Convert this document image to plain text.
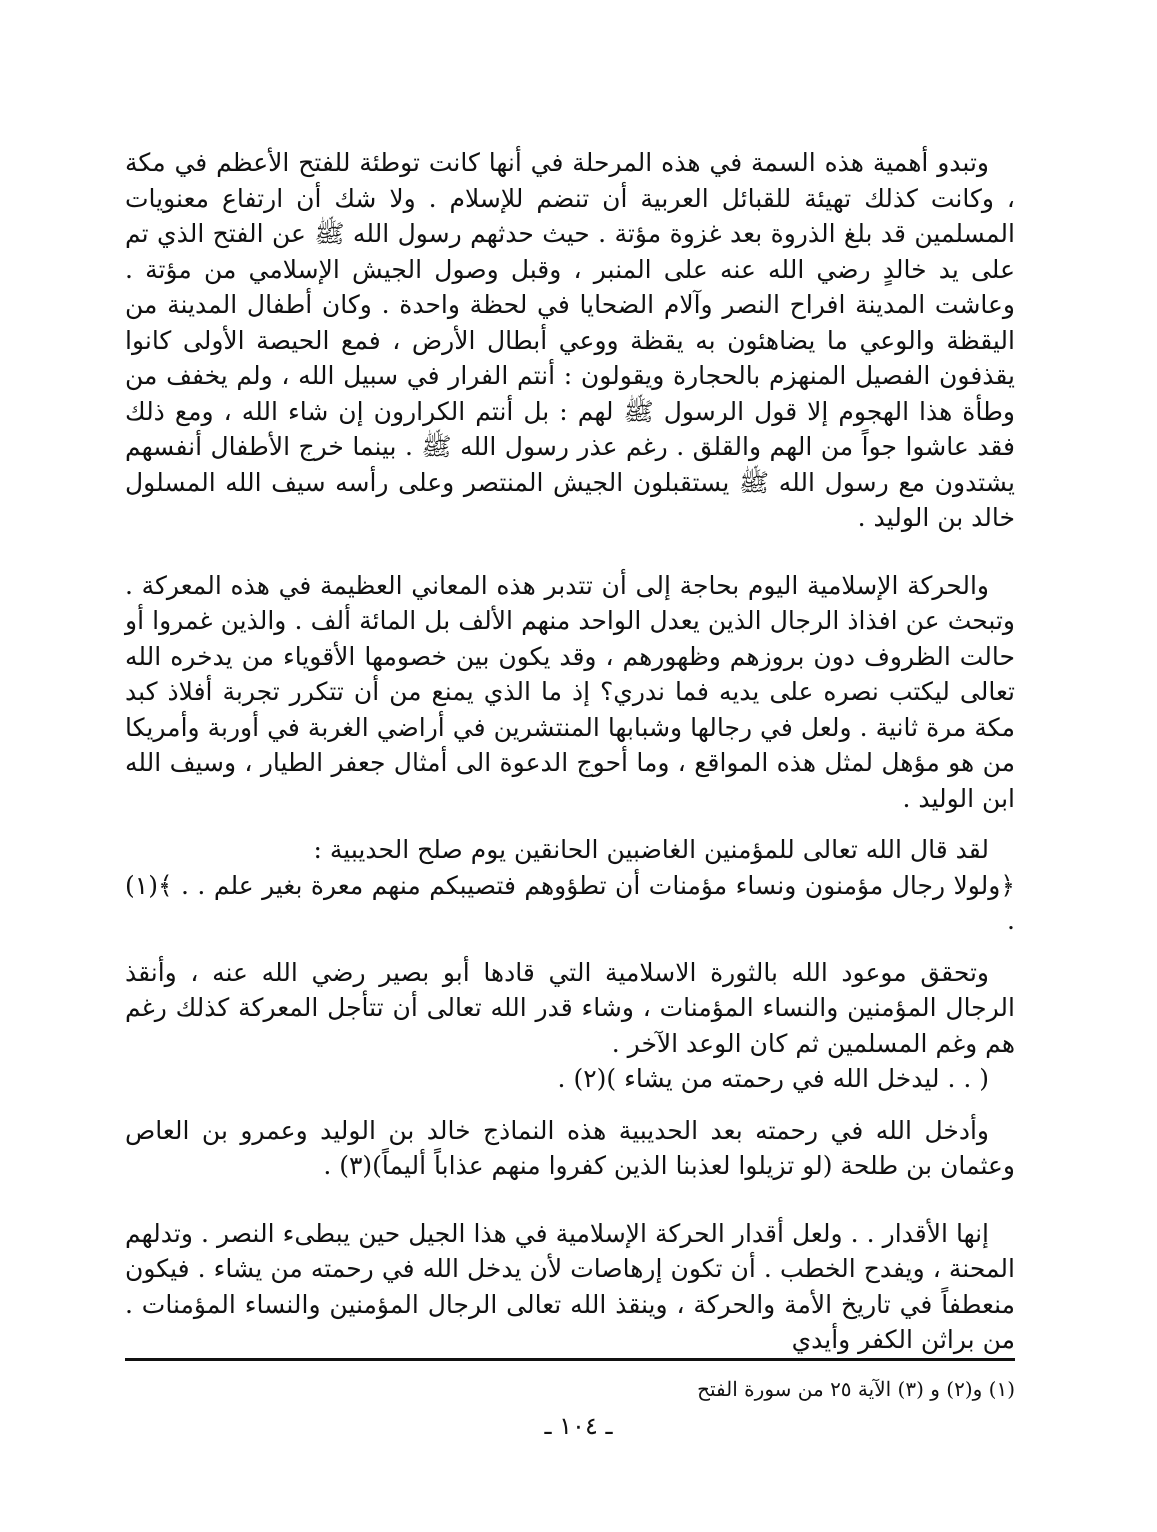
وتبدو أهمية هذه السمة في هذه المرحلة في أنها كانت توطئة للفتح الأعظم في مكة ، وكانت كذلك تهيئة للقبائل العربية أن تنضم للإسلام . ولا شك أن ارتفاع معنويات المسلمين قد بلغ الذروة بعد غزوة مؤتة . حيث حدثهم رسول الله ﷺ عن الفتح الذي تم على يد خالدٍ رضي الله عنه على المنبر ، وقبل وصول الجيش الإسلامي من مؤتة . وعاشت المدينة افراح النصر وآلام الضحايا في لحظة واحدة . وكان أطفال المدينة من اليقظة والوعي ما يضاهئون به يقظة ووعي أبطال الأرض ، فمع الحيصة الأولى كانوا يقذفون الفصيل المنهزم بالحجارة ويقولون : أنتم الفرار في سبيل الله ، ولم يخفف من وطأة هذا الهجوم إلا قول الرسول ﷺ لهم : بل أنتم الكرارون إن شاء الله ، ومع ذلك فقد عاشوا جواً من الهم والقلق . رغم عذر رسول الله ﷺ . بينما خرج الأطفال أنفسهم يشتدون مع رسول الله ﷺ يستقبلون الجيش المنتصر وعلى رأسه سيف الله المسلول خالد بن الوليد .

والحركة الإسلامية اليوم بحاجة إلى أن تتدبر هذه المعاني العظيمة في هذه المعركة . وتبحث عن افذاذ الرجال الذين يعدل الواحد منهم الألف بل المائة ألف . والذين غمروا أو حالت الظروف دون بروزهم وظهورهم ، وقد يكون بين خصومها الأقوياء من يدخره الله تعالى ليكتب نصره على يديه فما ندري؟ إذ ما الذي يمنع من أن تتكرر تجربة أفلاذ كبد مكة مرة ثانية . ولعل في رجالها وشبابها المنتشرين في أراضي الغربة في أوربة وأمريكا من هو مؤهل لمثل هذه المواقع ، وما أحوج الدعوة الى أمثال جعفر الطيار ، وسيف الله ابن الوليد .

لقد قال الله تعالى للمؤمنين الغاضبين الحانقين يوم صلح الحديبية :

﴿ولولا رجال مؤمنون ونساء مؤمنات أن تطؤوهم فتصيبكم منهم معرة بغير علم . . ﴾(١) .

وتحقق موعود الله بالثورة الاسلامية التي قادها أبو بصير رضي الله عنه ، وأنقذ الرجال المؤمنين والنساء المؤمنات ، وشاء قدر الله تعالى أن تتأجل المعركة كذلك رغم هم وغم المسلمين ثم كان الوعد الآخر .

( . . ليدخل الله في رحمته من يشاء )(٢) .

وأدخل الله في رحمته بعد الحديبية هذه النماذج خالد بن الوليد وعمرو بن العاص وعثمان بن طلحة (لو تزيلوا لعذبنا الذين كفروا منهم عذاباً أليماً)(٣) .

إنها الأقدار . . ولعل أقدار الحركة الإسلامية في هذا الجيل حين يبطىء النصر . وتدلهم المحنة ، ويفدح الخطب . أن تكون إرهاصات لأن يدخل الله في رحمته من يشاء . فيكون منعطفاً في تاريخ الأمة والحركة ، وينقذ الله تعالى الرجال المؤمنين والنساء المؤمنات . من براثن الكفر وأيدي

(١) و(٢) و (٣) الآية ٢٥ من سورة الفتح

ـ ١٠٤ ـ
